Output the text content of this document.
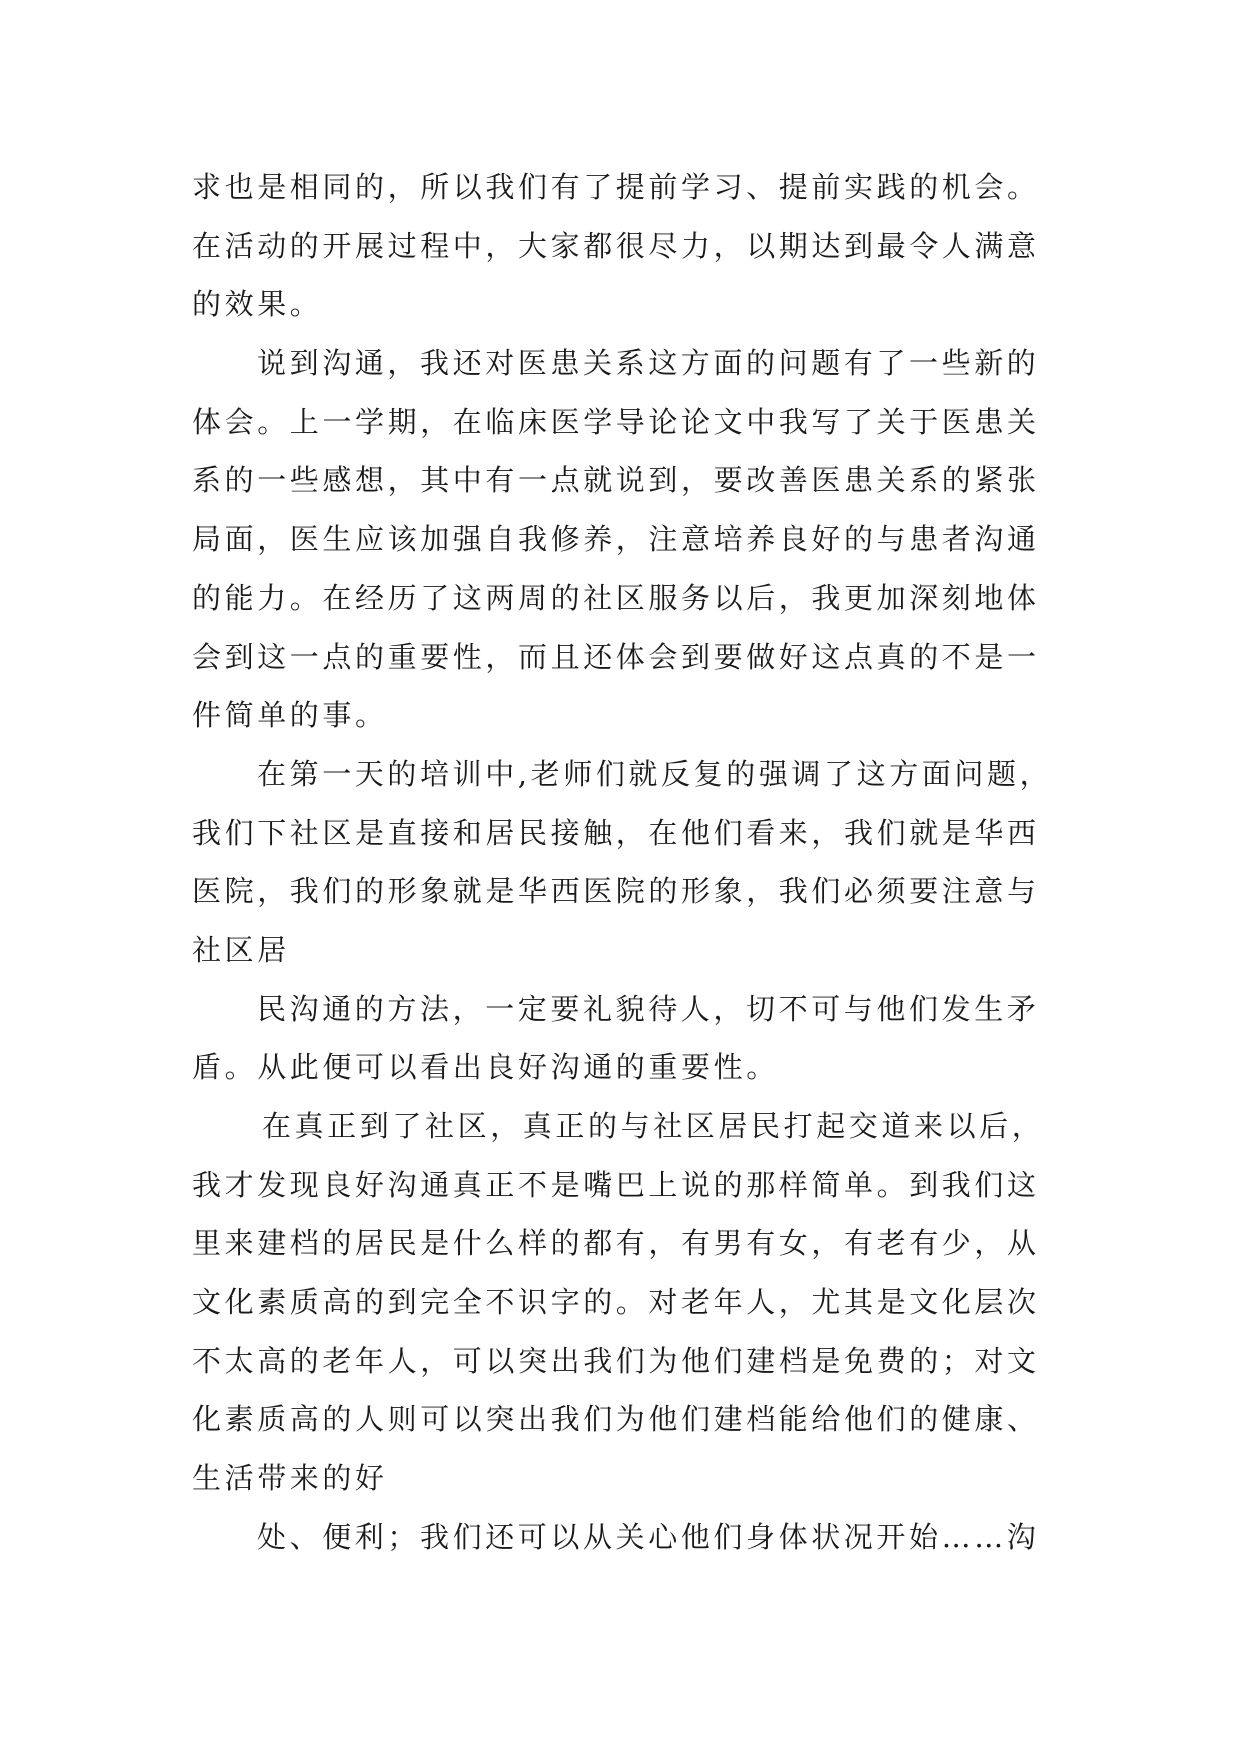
求也是相同的，所以我们有了提前学习、提前实践的机会。
在活动的开展过程中，大家都很尽力，以期达到最令人满意
的效果。
说到沟通，我还对医患关系这方面的问题有了一些新的
体会。上一学期，在临床医学导论论文中我写了关于医患关
系的一些感想，其中有一点就说到，要改善医患关系的紧张
局面，医生应该加强自我修养，注意培养良好的与患者沟通
的能力。在经历了这两周的社区服务以后，我更加深刻地体
会到这一点的重要性，而且还体会到要做好这点真的不是一
件简单的事。
在第一天的培训中,老师们就反复的强调了这方面问题，
我们下社区是直接和居民接触，在他们看来，我们就是华西
医院，我们的形象就是华西医院的形象，我们必须要注意与
社区居
民沟通的方法，一定要礼貌待人，切不可与他们发生矛
盾。从此便可以看出良好沟通的重要性。
在真正到了社区，真正的与社区居民打起交道来以后，
我才发现良好沟通真正不是嘴巴上说的那样简单。到我们这
里来建档的居民是什么样的都有，有男有女，有老有少，从
文化素质高的到完全不识字的。对老年人，尤其是文化层次
不太高的老年人，可以突出我们为他们建档是免费的；对文
化素质高的人则可以突出我们为他们建档能给他们的健康、
生活带来的好
处、便利；我们还可以从关心他们身体状况开始……沟
